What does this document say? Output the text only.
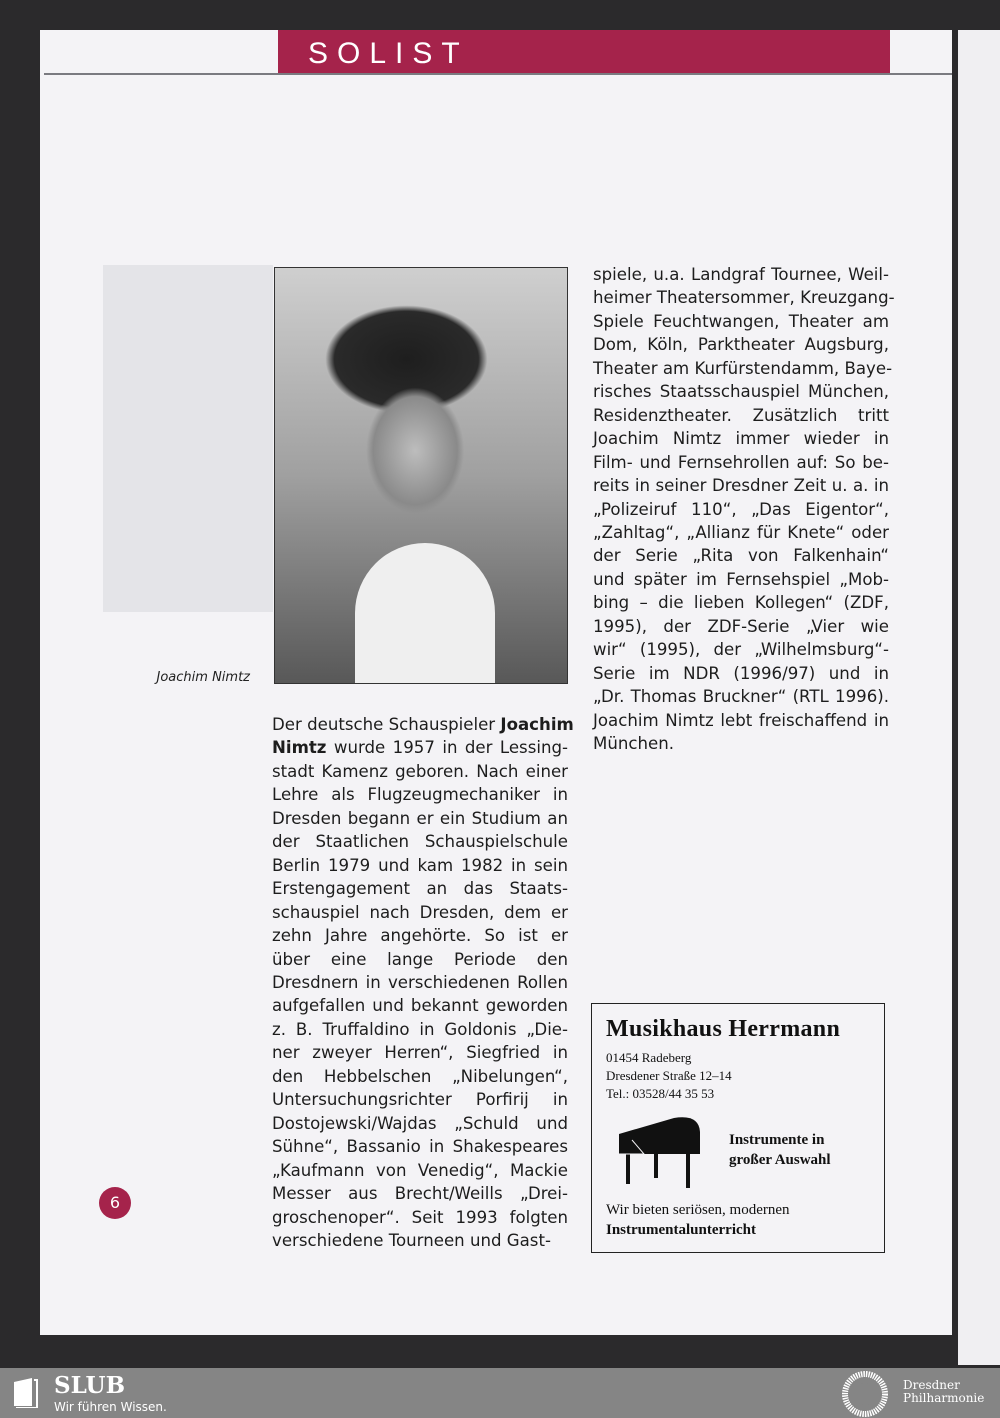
SOLIST
Joachim Nimtz
Der deutsche Schauspieler Joachim
Nimtz wurde 1957 in der Lessing-
stadt Kamenz geboren. Nach einer
Lehre als Flugzeugmechaniker in
Dresden begann er ein Studium an
der Staatlichen Schauspielschule
Berlin 1979 und kam 1982 in sein
Erstengagement an das Staats-
schauspiel nach Dresden, dem er
zehn Jahre angehörte. So ist er
über eine lange Periode den
Dresdnern in verschiedenen Rollen
aufgefallen und bekannt geworden
z. B. Truffaldino in Goldonis „Die-
ner zweyer Herren“, Siegfried in
den Hebbelschen „Nibelungen“,
Untersuchungsrichter Porfirij in
Dostojewski/Wajdas „Schuld und
Sühne“, Bassanio in Shakespeares
„Kaufmann von Venedig“, Mackie
Messer aus Brecht/Weills „Drei-
groschenoper“. Seit 1993 folgten
verschiedene Tourneen und Gast-
spiele, u.a. Landgraf Tournee, Weil-
heimer Theatersommer, Kreuzgang-
Spiele Feuchtwangen, Theater am
Dom, Köln, Parktheater Augsburg,
Theater am Kurfürstendamm, Baye-
risches Staatsschauspiel München,
Residenztheater. Zusätzlich tritt
Joachim Nimtz immer wieder in
Film- und Fernsehrollen auf: So be-
reits in seiner Dresdner Zeit u. a. in
„Polizeiruf 110“, „Das Eigentor“,
„Zahltag“, „Allianz für Knete“ oder
der Serie „Rita von Falkenhain“
und später im Fernsehspiel „Mob-
bing – die lieben Kollegen“ (ZDF,
1995), der ZDF-Serie „Vier wie
wir“ (1995), der „Wilhelmsburg“-
Serie im NDR (1996/97) und in
„Dr. Thomas Bruckner“ (RTL 1996).
Joachim Nimtz lebt freischaffend in
München.
6
Musikhaus Herrmann
01454 Radeberg
Dresdener Straße 12–14
Tel.: 03528/44 35 53
Instrumente in
großer Auswahl
Wir bieten seriösen, modernen
Instrumentalunterricht
SLUB
Wir führen Wissen.
Dresdner
Philharmonie
